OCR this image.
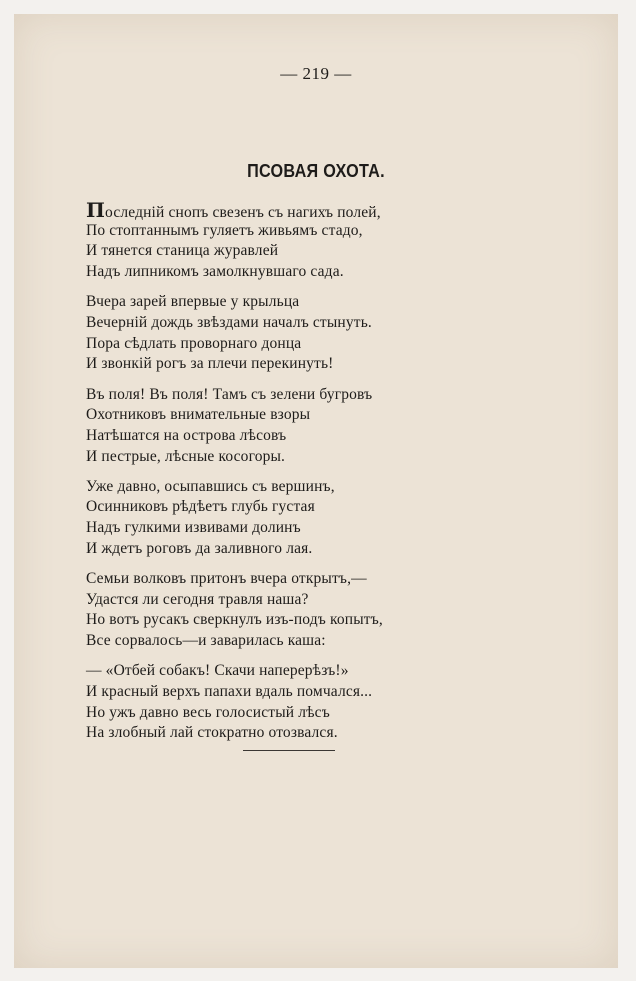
— 219 —
ПСОВАЯ ОХОТА.
Последній снопъ свезенъ съ нагихъ полей,
По стоптаннымъ гуляетъ живьямъ стадо,
И тянется станица журавлей
Надъ липникомъ замолкнувшаго сада.
Вчера зарей впервые у крыльца
Вечерній дождь звѣздами началъ стынуть.
Пора сѣдлать проворнаго донца
И звонкій рогъ за плечи перекинуть!
Въ поля! Въ поля! Тамъ съ зелени бугровъ
Охотниковъ внимательные взоры
Натѣшатся на острова лѣсовъ
И пестрые, лѣсные косогоры.
Уже давно, осыпавшись съ вершинъ,
Осинниковъ рѣдѣетъ глубь густая
Надъ гулкими извивами долинъ
И ждетъ роговъ да заливного лая.
Семьи волковъ притонъ вчера открытъ,—
Удастся ли сегодня травля наша?
Но вотъ русакъ сверкнулъ изъ-подъ копытъ,
Все сорвалось—и заварилась каша:
— «Отбей собакъ! Скачи наперерѣзъ!»
И красный верхъ папахи вдаль помчался...
Но ужъ давно весь голосистый лѣсъ
На злобный лай стократно отозвался.
